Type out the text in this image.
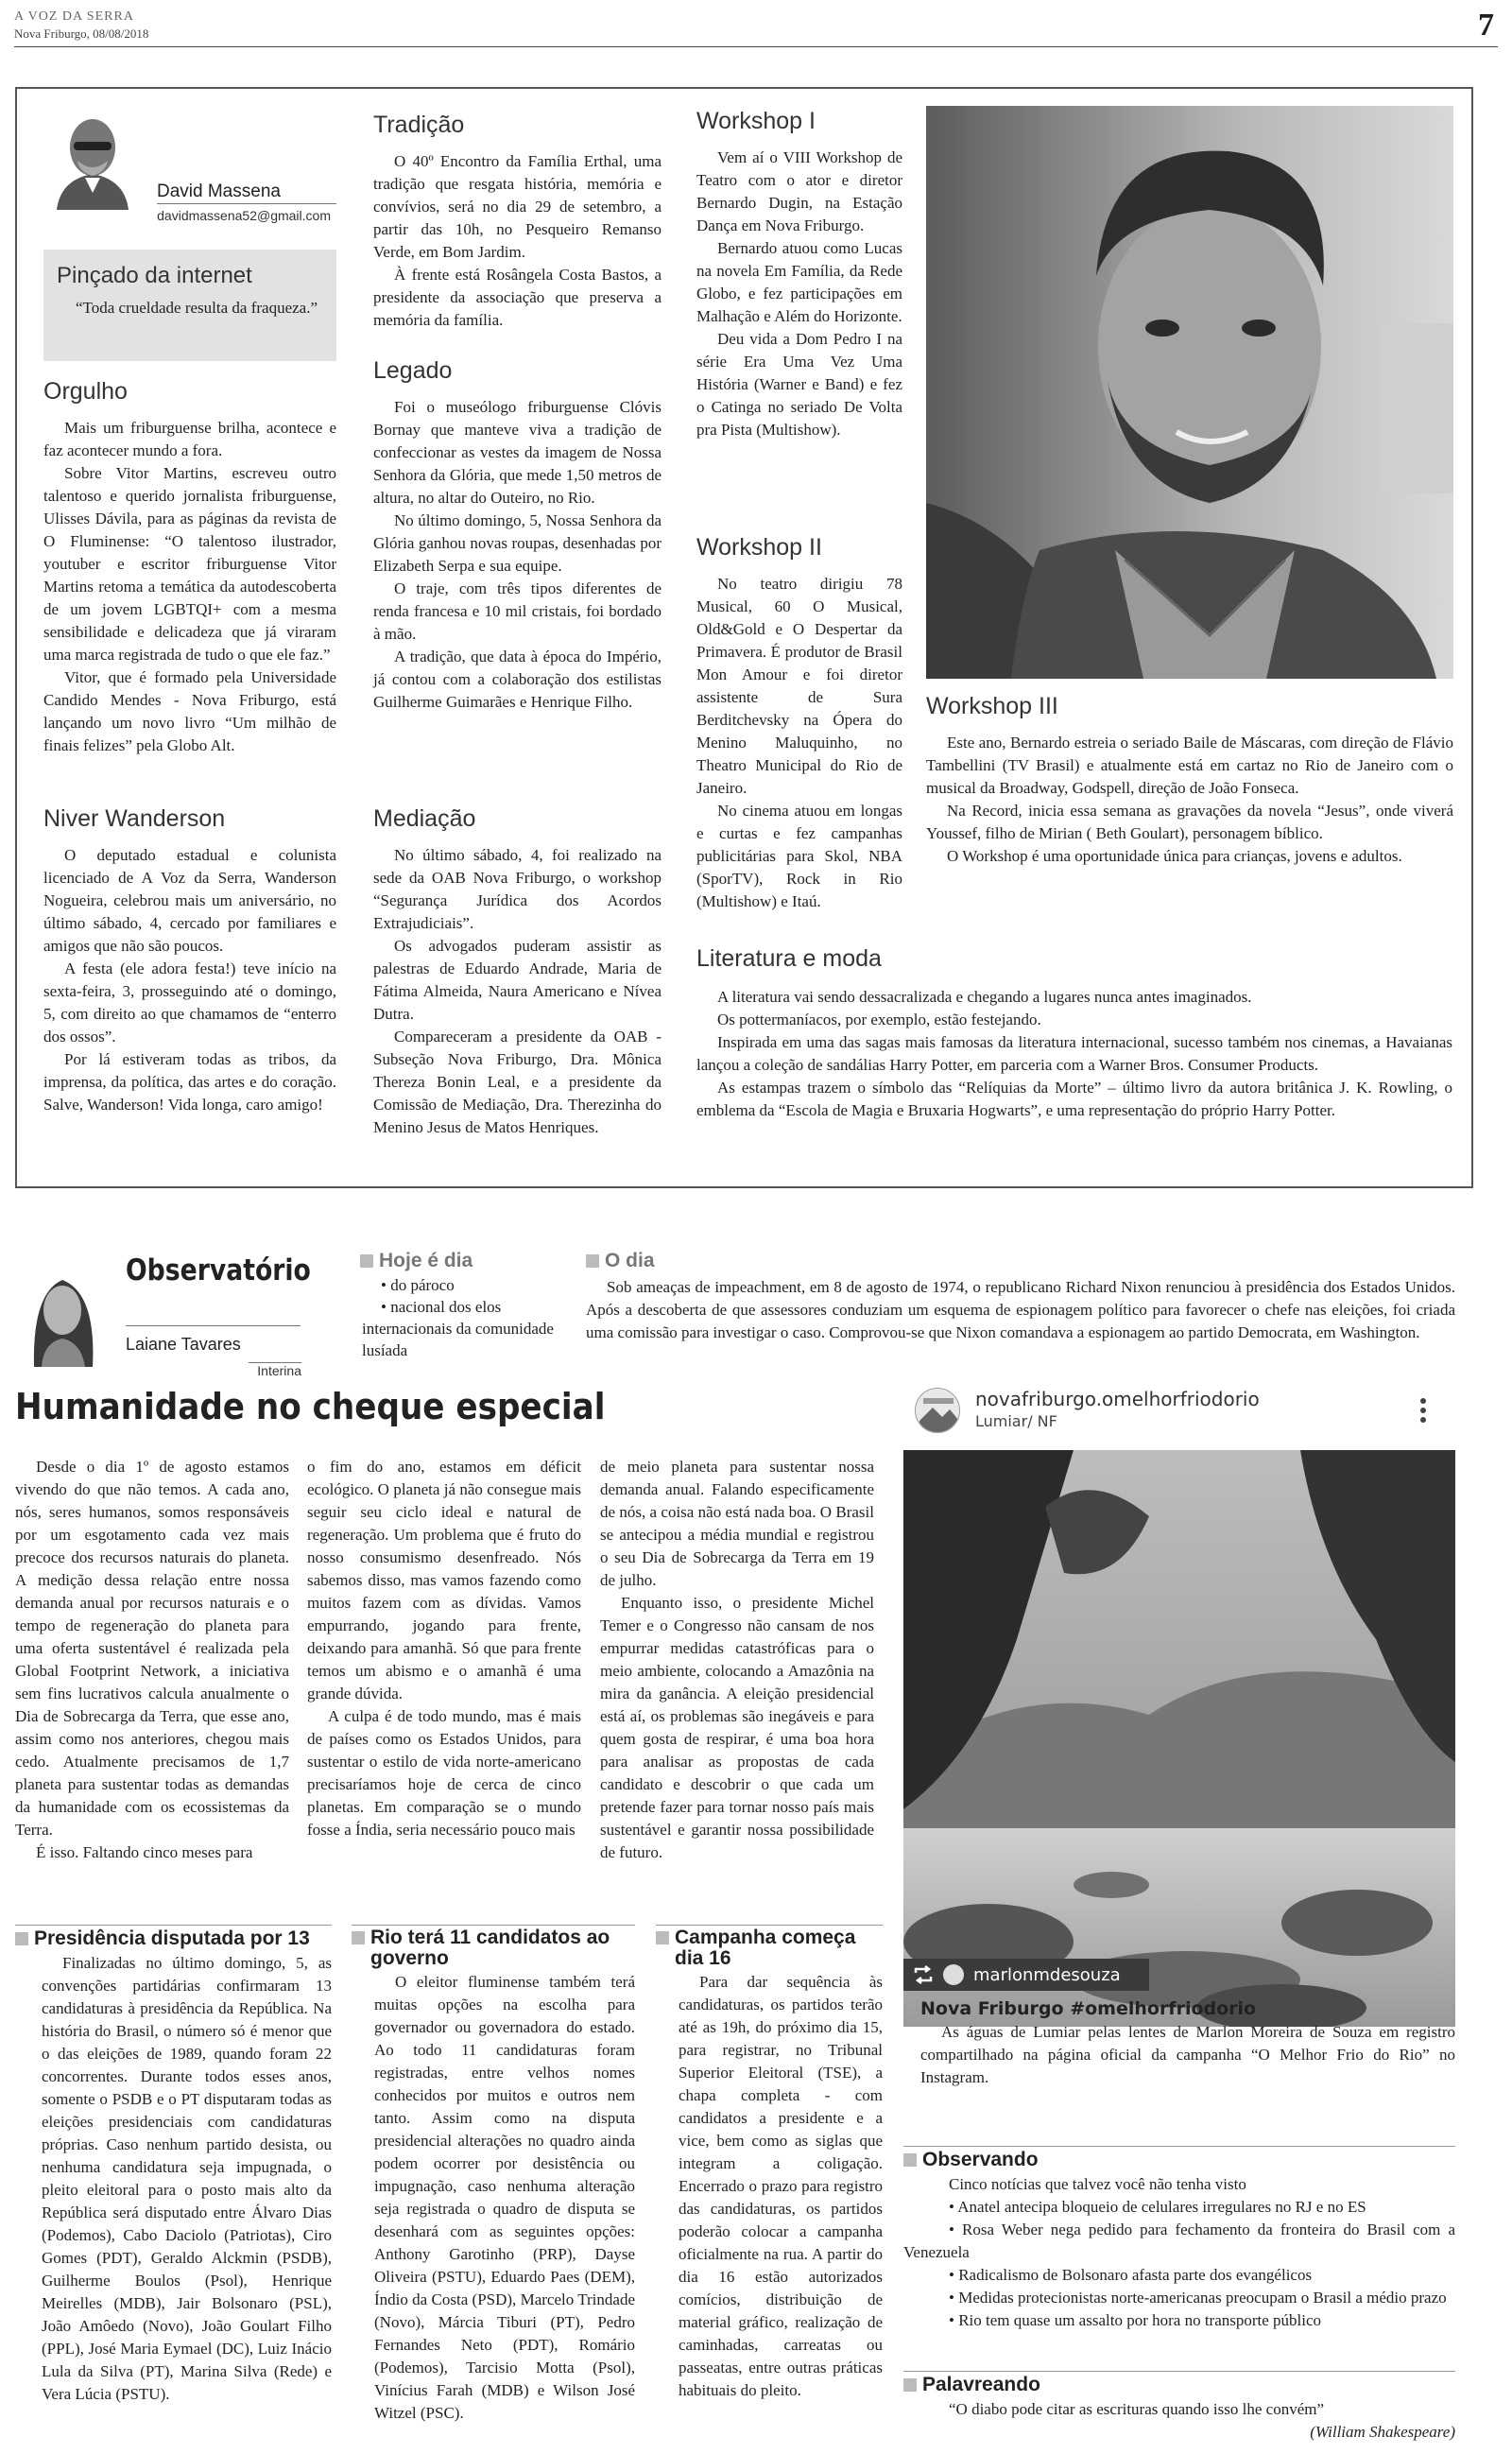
A VOZ DA SERRA
Nova Friburgo, 08/08/2018	7
David Massena
davidmassena52@gmail.com
Pinçado da internet
“Toda crueldade resulta da fraqueza.”
Orgulho

Mais um friburguense brilha, acontece e faz acontecer mundo a fora.

Sobre Vitor Martins, escreveu outro talentoso e querido jornalista friburguense, Ulisses Dávila, para as páginas da revista de O Fluminense: “O talentoso ilustrador, youtuber e escritor friburguense Vitor Martins retoma a temática da autodescoberta de um jovem LGBTQI+ com a mesma sensibilidade e delicadeza que já viraram uma marca registrada de tudo o que ele faz.”

Vitor, que é formado pela Universidade Candido Mendes - Nova Friburgo, está lançando um novo livro “Um milhão de finais felizes” pela Globo Alt.

Niver Wanderson

O deputado estadual e colunista licenciado de A Voz da Serra, Wanderson Nogueira, celebrou mais um aniversário, no último sábado, 4, cercado por familiares e amigos que não são poucos.

A festa (ele adora festa!) teve início na sexta-feira, 3, prosseguindo até o domingo, 5, com direito ao que chamamos de “enterro dos ossos”.

Por lá estiveram todas as tribos, da imprensa, da política, das artes e do coração. Salve, Wanderson! Vida longa, caro amigo!

Tradição

O 40º Encontro da Família Erthal, uma tradição que resgata história, memória e convívios, será no dia 29 de setembro, a partir das 10h, no Pesqueiro Remanso Verde, em Bom Jardim.

À frente está Rosângela Costa Bastos, a presidente da associação que preserva a memória da família.

Legado

Foi o museólogo friburguense Clóvis Bornay que manteve viva a tradição de confeccionar as vestes da imagem de Nossa Senhora da Glória, que mede 1,50 metros de altura, no altar do Outeiro, no Rio.

No último domingo, 5, Nossa Senhora da Glória ganhou novas roupas, desenhadas por Elizabeth Serpa e sua equipe.

O traje, com três tipos diferentes de renda francesa e 10 mil cristais, foi bordado à mão.

A tradição, que data à época do Império, já contou com a colaboração dos estilistas Guilherme Guimarães e Henrique Filho.

Mediação

No último sábado, 4, foi realizado na sede da OAB Nova Friburgo, o workshop “Segurança Jurídica dos Acordos Extrajudiciais”.

Os advogados puderam assistir as palestras de Eduardo Andrade, Maria de Fátima Almeida, Naura Americano e Nívea Dutra.

Compareceram a presidente da OAB - Subseção Nova Friburgo, Dra. Mônica Thereza Bonin Leal, e a presidente da Comissão de Mediação, Dra. Therezinha do Menino Jesus de Matos Henriques.

Workshop I

Vem aí o VIII Workshop de Teatro com o ator e diretor Bernardo Dugin, na Estação Dança em Nova Friburgo.

Bernardo atuou como Lucas na novela Em Família, da Rede Globo, e fez participações em Malhação e Além do Horizonte.

Deu vida a Dom Pedro I na série Era Uma Vez Uma História (Warner e Band) e fez o Catinga no seriado De Volta pra Pista (Multishow).

Workshop II

No teatro dirigiu 78 Musical, 60 O Musical, Old&Gold e O Despertar da Primavera. É produtor de Brasil Mon Amour e foi diretor assistente de Sura Berditchevsky na Ópera do Menino Maluquinho, no Theatro Municipal do Rio de Janeiro.

No cinema atuou em longas e curtas e fez campanhas publicitárias para Skol, NBA (SporTV), Rock in Rio (Multishow) e Itaú.

Workshop III

Este ano, Bernardo estreia o seriado Baile de Máscaras, com direção de Flávio Tambellini (TV Brasil) e atualmente está em cartaz no Rio de Janeiro com o musical da Broadway, Godspell, direção de João Fonseca.

Na Record, inicia essa semana as gravações da novela “Jesus”, onde viverá Youssef, filho de Mirian ( Beth Goulart), personagem bíblico.

O Workshop é uma oportunidade única para crianças, jovens e adultos.

Literatura e moda

A literatura vai sendo dessacralizada e chegando a lugares nunca antes imaginados.

Os pottermaníacos, por exemplo, estão festejando.

Inspirada em uma das sagas mais famosas da literatura internacional, sucesso também nos cinemas, a Havaianas lançou a coleção de sandálias Harry Potter, em parceria com a Warner Bros. Consumer Products.

As estampas trazem o símbolo das “Relíquias da Morte” – último livro da autora britânica J. K. Rowling, o emblema da “Escola de Magia e Bruxaria Hogwarts”, e uma representação do próprio Harry Potter.

Observatório
Laiane Tavares
Interina
Hoje é dia
• do pároco
• nacional dos elos internacionais da comunidade lusíada
O dia

Sob ameaças de impeachment, em 8 de agosto de 1974, o republicano Richard Nixon renunciou à presidência dos Estados Unidos. Após a descoberta de que assessores conduziam um esquema de espionagem político para favorecer o chefe nas eleições, foi criada uma comissão para investigar o caso. Comprovou-se que Nixon comandava a espionagem ao partido Democrata, em Washington.

Humanidade no cheque especial

Desde o dia 1º de agosto estamos vivendo do que não temos. A cada ano, nós, seres humanos, somos responsáveis por um esgotamento cada vez mais precoce dos recursos naturais do planeta. A medição dessa relação entre nossa demanda anual por recursos naturais e o tempo de regeneração do planeta para uma oferta sustentável é realizada pela Global Footprint Network, a iniciativa sem fins lucrativos calcula anualmente o Dia de Sobrecarga da Terra, que esse ano, assim como nos anteriores, chegou mais cedo. Atualmente precisamos de 1,7 planeta para sustentar todas as demandas da humanidade com os ecossistemas da Terra.

É isso. Faltando cinco meses para

o fim do ano, estamos em déficit ecológico. O planeta já não consegue mais seguir seu ciclo ideal e natural de regeneração. Um problema que é fruto do nosso consumismo desenfreado. Nós sabemos disso, mas vamos fazendo como muitos fazem com as dívidas. Vamos empurrando, jogando para frente, deixando para amanhã. Só que para frente temos um abismo e o amanhã é uma grande dúvida.

A culpa é de todo mundo, mas é mais de países como os Estados Unidos, para sustentar o estilo de vida norte-americano precisaríamos hoje de cerca de cinco planetas. Em comparação se o mundo fosse a Índia, seria necessário pouco mais

de meio planeta para sustentar nossa demanda anual. Falando especificamente de nós, a coisa não está nada boa. O Brasil se antecipou a média mundial e registrou o seu Dia de Sobrecarga da Terra em 19 de julho.

Enquanto isso, o presidente Michel Temer e o Congresso não cansam de nos empurrar medidas catastróficas para o meio ambiente, colocando a Amazônia na mira da ganância. A eleição presidencial está aí, os problemas são inegáveis e para quem gosta de respirar, é uma boa hora para analisar as propostas de cada candidato e descobrir o que cada um pretende fazer para tornar nosso país mais sustentável e garantir nossa possibilidade de futuro.

novafriburgo.omelhorfriodorio
Lumiar/ NF
marlonmdesouza
Nova Friburgo #omelhorfriodorio

As águas de Lumiar pelas lentes de Marlon Moreira de Souza em registro compartilhado na página oficial da campanha “O Melhor Frio do Rio” no Instagram.

Presidência disputada por 13

Finalizadas no último domingo, 5, as convenções partidárias confirmaram 13 candidaturas à presidência da República. Na história do Brasil, o número só é menor que o das eleições de 1989, quando foram 22 concorrentes. Durante todos esses anos, somente o PSDB e o PT disputaram todas as eleições presidenciais com candidaturas próprias. Caso nenhum partido desista, ou nenhuma candidatura seja impugnada, o pleito eleitoral para o posto mais alto da República será disputado entre Álvaro Dias (Podemos), Cabo Daciolo (Patriotas), Ciro Gomes (PDT), Geraldo Alckmin (PSDB), Guilherme Boulos (Psol), Henrique Meirelles (MDB), Jair Bolsonaro (PSL), João Amôedo (Novo), João Goulart Filho (PPL), José Maria Eymael (DC), Luiz Inácio Lula da Silva (PT), Marina Silva (Rede) e Vera Lúcia (PSTU).

Rio terá 11 candidatos ao governo

O eleitor fluminense também terá muitas opções na escolha para governador ou governadora do estado. Ao todo 11 candidaturas foram registradas, entre velhos nomes conhecidos por muitos e outros nem tanto. Assim como na disputa presidencial alterações no quadro ainda podem ocorrer por desistência ou impugnação, caso nenhuma alteração seja registrada o quadro de disputa se desenhará com as seguintes opções: Anthony Garotinho (PRP), Dayse Oliveira (PSTU), Eduardo Paes (DEM), Índio da Costa (PSD), Marcelo Trindade (Novo), Márcia Tiburi (PT), Pedro Fernandes Neto (PDT), Romário (Podemos), Tarcisio Motta (Psol), Vinícius Farah (MDB) e Wilson José Witzel (PSC).

Campanha começa dia 16

Para dar sequência às candidaturas, os partidos terão até as 19h, do próximo dia 15, para registrar, no Tribunal Superior Eleitoral (TSE), a chapa completa - com candidatos a presidente e a vice, bem como as siglas que integram a coligação. Encerrado o prazo para registro das candidaturas, os partidos poderão colocar a campanha oficialmente na rua. A partir do dia 16 estão autorizados comícios, distribuição de material gráfico, realização de caminhadas, carreatas ou passeatas, entre outras práticas habituais do pleito.

Observando

Cinco notícias que talvez você não tenha visto

• Anatel antecipa bloqueio de celulares irregulares no RJ e no ES
• Rosa Weber nega pedido para fechamento da fronteira do Brasil com a Venezuela
• Radicalismo de Bolsonaro afasta parte dos evangélicos
• Medidas protecionistas norte-americanas preocupam o Brasil a médio prazo
• Rio tem quase um assalto por hora no transporte público
Palavreando

“O diabo pode citar as escrituras quando isso lhe convém”

(William Shakespeare)
